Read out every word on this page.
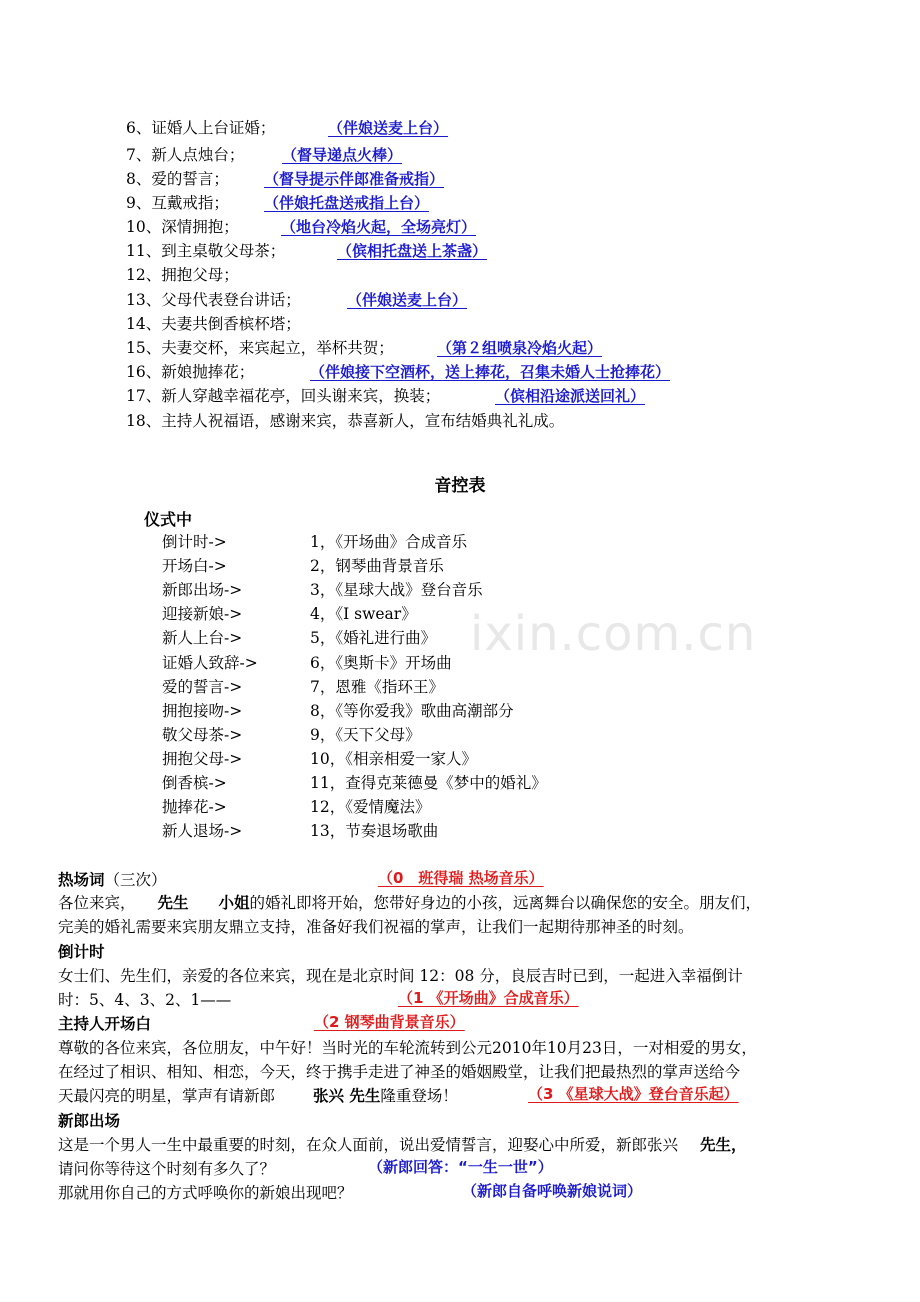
6、证婚人上台证婚；	（伴娘送麦上台）
7、新人点烛台；	（督导递点火棒）
8、爱的誓言； （督导提示伴郎准备戒指）
9、互戴戒指； （伴娘托盘送戒指上台）
10、深情拥抱；	（地台冷焰火起，全场亮灯）
11、到主桌敬父母茶；	（傧相托盘送上茶盏）
12、拥抱父母；
13、父母代表登台讲话；	（伴娘送麦上台）
14、夫妻共倒香槟杯塔；
15、夫妻交杯，来宾起立，举杯共贺；	（第２组喷泉冷焰火起）
16、新娘抛捧花；	（伴娘接下空酒杯，送上捧花，召集未婚人士抢捧花）
17、新人穿越幸福花亭，回头谢来宾，换装；	（傧相沿途派送回礼）
18、主持人祝福语，感谢来宾，恭喜新人，宣布结婚典礼礼成。
音控表
仪式中
ixin.com.cn
倒计时->	1，《开场曲》合成音乐
开场白->	2，钢琴曲背景音乐
新郎出场->	3，《星球大战》登台音乐
迎接新娘->	4，《I swear》
新人上台->	5，《婚礼进行曲》
证婚人致辞->	6，《奥斯卡》开场曲
爱的誓言->	7，恩雅《指环王》
拥抱接吻->	8，《等你爱我》歌曲高潮部分
敬父母茶->	9，《天下父母》
拥抱父母->	10，《相亲相爱一家人》
倒香槟->	11，查得克莱德曼《梦中的婚礼》
抛捧花->	12，《爱情魔法》
新人退场->	13，节奏退场歌曲
热场词（三次）	（0　班得瑞 热场音乐）
各位来宾， 先生 小姐的婚礼即将开始，您带好身边的小孩，远离舞台以确保您的安全。朋友们，
完美的婚礼需要来宾朋友鼎立支持，准备好我们祝福的掌声，让我们一起期待那神圣的时刻。
倒计时
女士们、先生们，亲爱的各位来宾，现在是北京时间 12：08 分，良辰吉时已到，一起进入幸福倒计
时：5、4、3、2、1——	（1 《开场曲》合成音乐）
主持人开场白	（2 钢琴曲背景音乐）
尊敬的各位来宾，各位朋友，中午好！当时光的车轮流转到公元2010年10月23日，一对相爱的男女，
在经过了相识、相知、相恋，今天，终于携手走进了神圣的婚姻殿堂，让我们把最热烈的掌声送给今
天最闪亮的明星，掌声有请新郎 张兴 先生隆重登场！	（3 《星球大战》登台音乐起）
新郎出场
这是一个男人一生中最重要的时刻，在众人面前，说出爱情誓言，迎娶心中所爱，新郎张兴 先生，
请问你等待这个时刻有多久了？	（新郎回答：“一生一世”）
那就用你自己的方式呼唤你的新娘出现吧？	（新郎自备呼唤新娘说词）
